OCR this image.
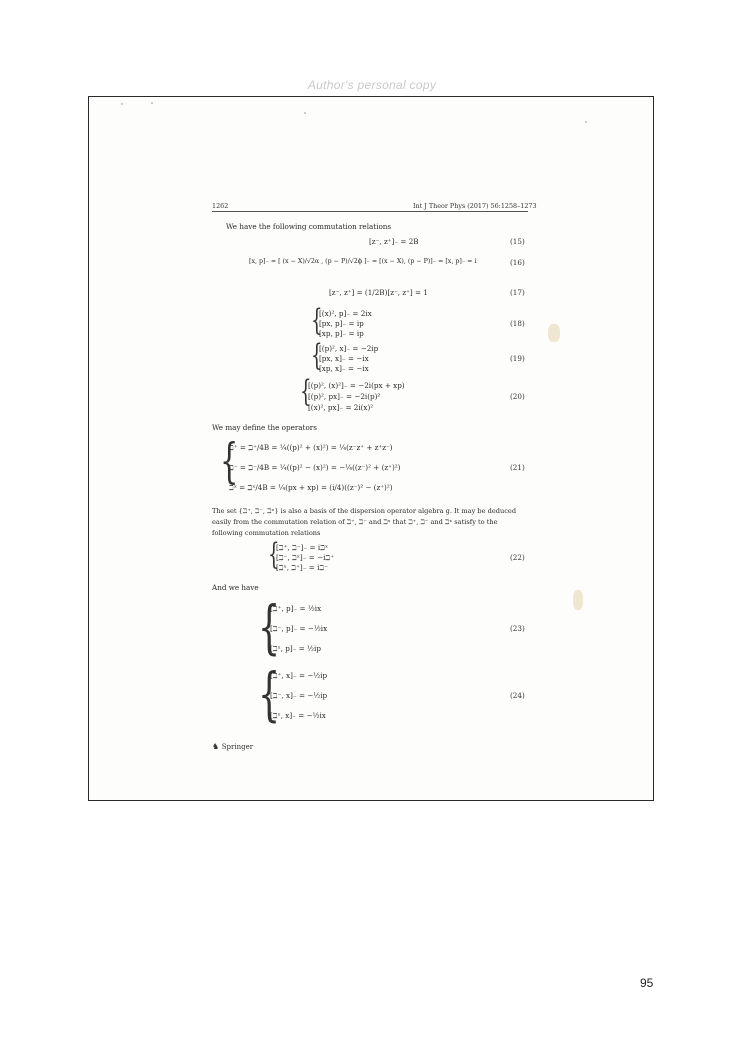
Author's personal copy
1262	Int J Theor Phys (2017) 56:1258–1273
We have the following commutation relations
[z⁻, z⁺]₋ = 2B	(15)
[x, p]₋ = [ (x − X)/√2α , (p − P)/√2ϕ ]₋ = [(x − X), (p − P)]₋ = [x, p]₋ = i	(16)
[z⁻, z⁺] = (1/2B)[z⁻, z⁺] = 1	(17)
{
[(x)², p]₋ = 2ix
[px, p]₋ = ip
[xp, p]₋ = ip
(18)
{
[(p)², x]₋ = −2ip
[px, x]₋ = −ix
[xp, x]₋ = −ix
(19)
{
[(p)², (x)²]₋ = −2i(px + xp)
[(p)², px]₋ = −2i(p)²
[(x)², px]₋ = 2i(x)²
(20)
We may define the operators
{
ℶ⁺ = ℶ⁺/4B = ¼((p)² + (x)²) = ¼(z⁻z⁺ + z⁺z⁻)
ℶ⁻ = ℶ⁻/4B = ¼((p)² − (x)²) = −¼((z⁻)² + (z⁺)²)
ℶˣ = ℶˣ/4B = ¼(px + xp) = (i/4)((z⁻)² − (z⁺)²)
(21)
The set {ℶ⁺, ℶ⁻, ℶˣ} is also a basis of the dispersion operator algebra g. It may be deduced
easily from the commutation relation of ℶ⁺, ℶ⁻ and ℶˣ that ℶ⁺, ℶ⁻ and ℶˣ satisfy to the
following commutation relations
{
[ℶ⁺, ℶ⁻]₋ = iℶˣ
[ℶ⁻, ℶˣ]₋ = −iℶ⁺
[ℶˣ, ℶ⁺]₋ = iℶ⁻
(22)
And we have
{
[ℶ⁺, p]₋ = ½ix
[ℶ⁻, p]₋ = −½ix
[ℶˣ, p]₋ = ½ip
(23)
{
[ℶ⁺, x]₋ = −½ip
[ℶ⁻, x]₋ = −½ip
[ℶˣ, x]₋ = −½ix
(24)
♞ Springer
95
